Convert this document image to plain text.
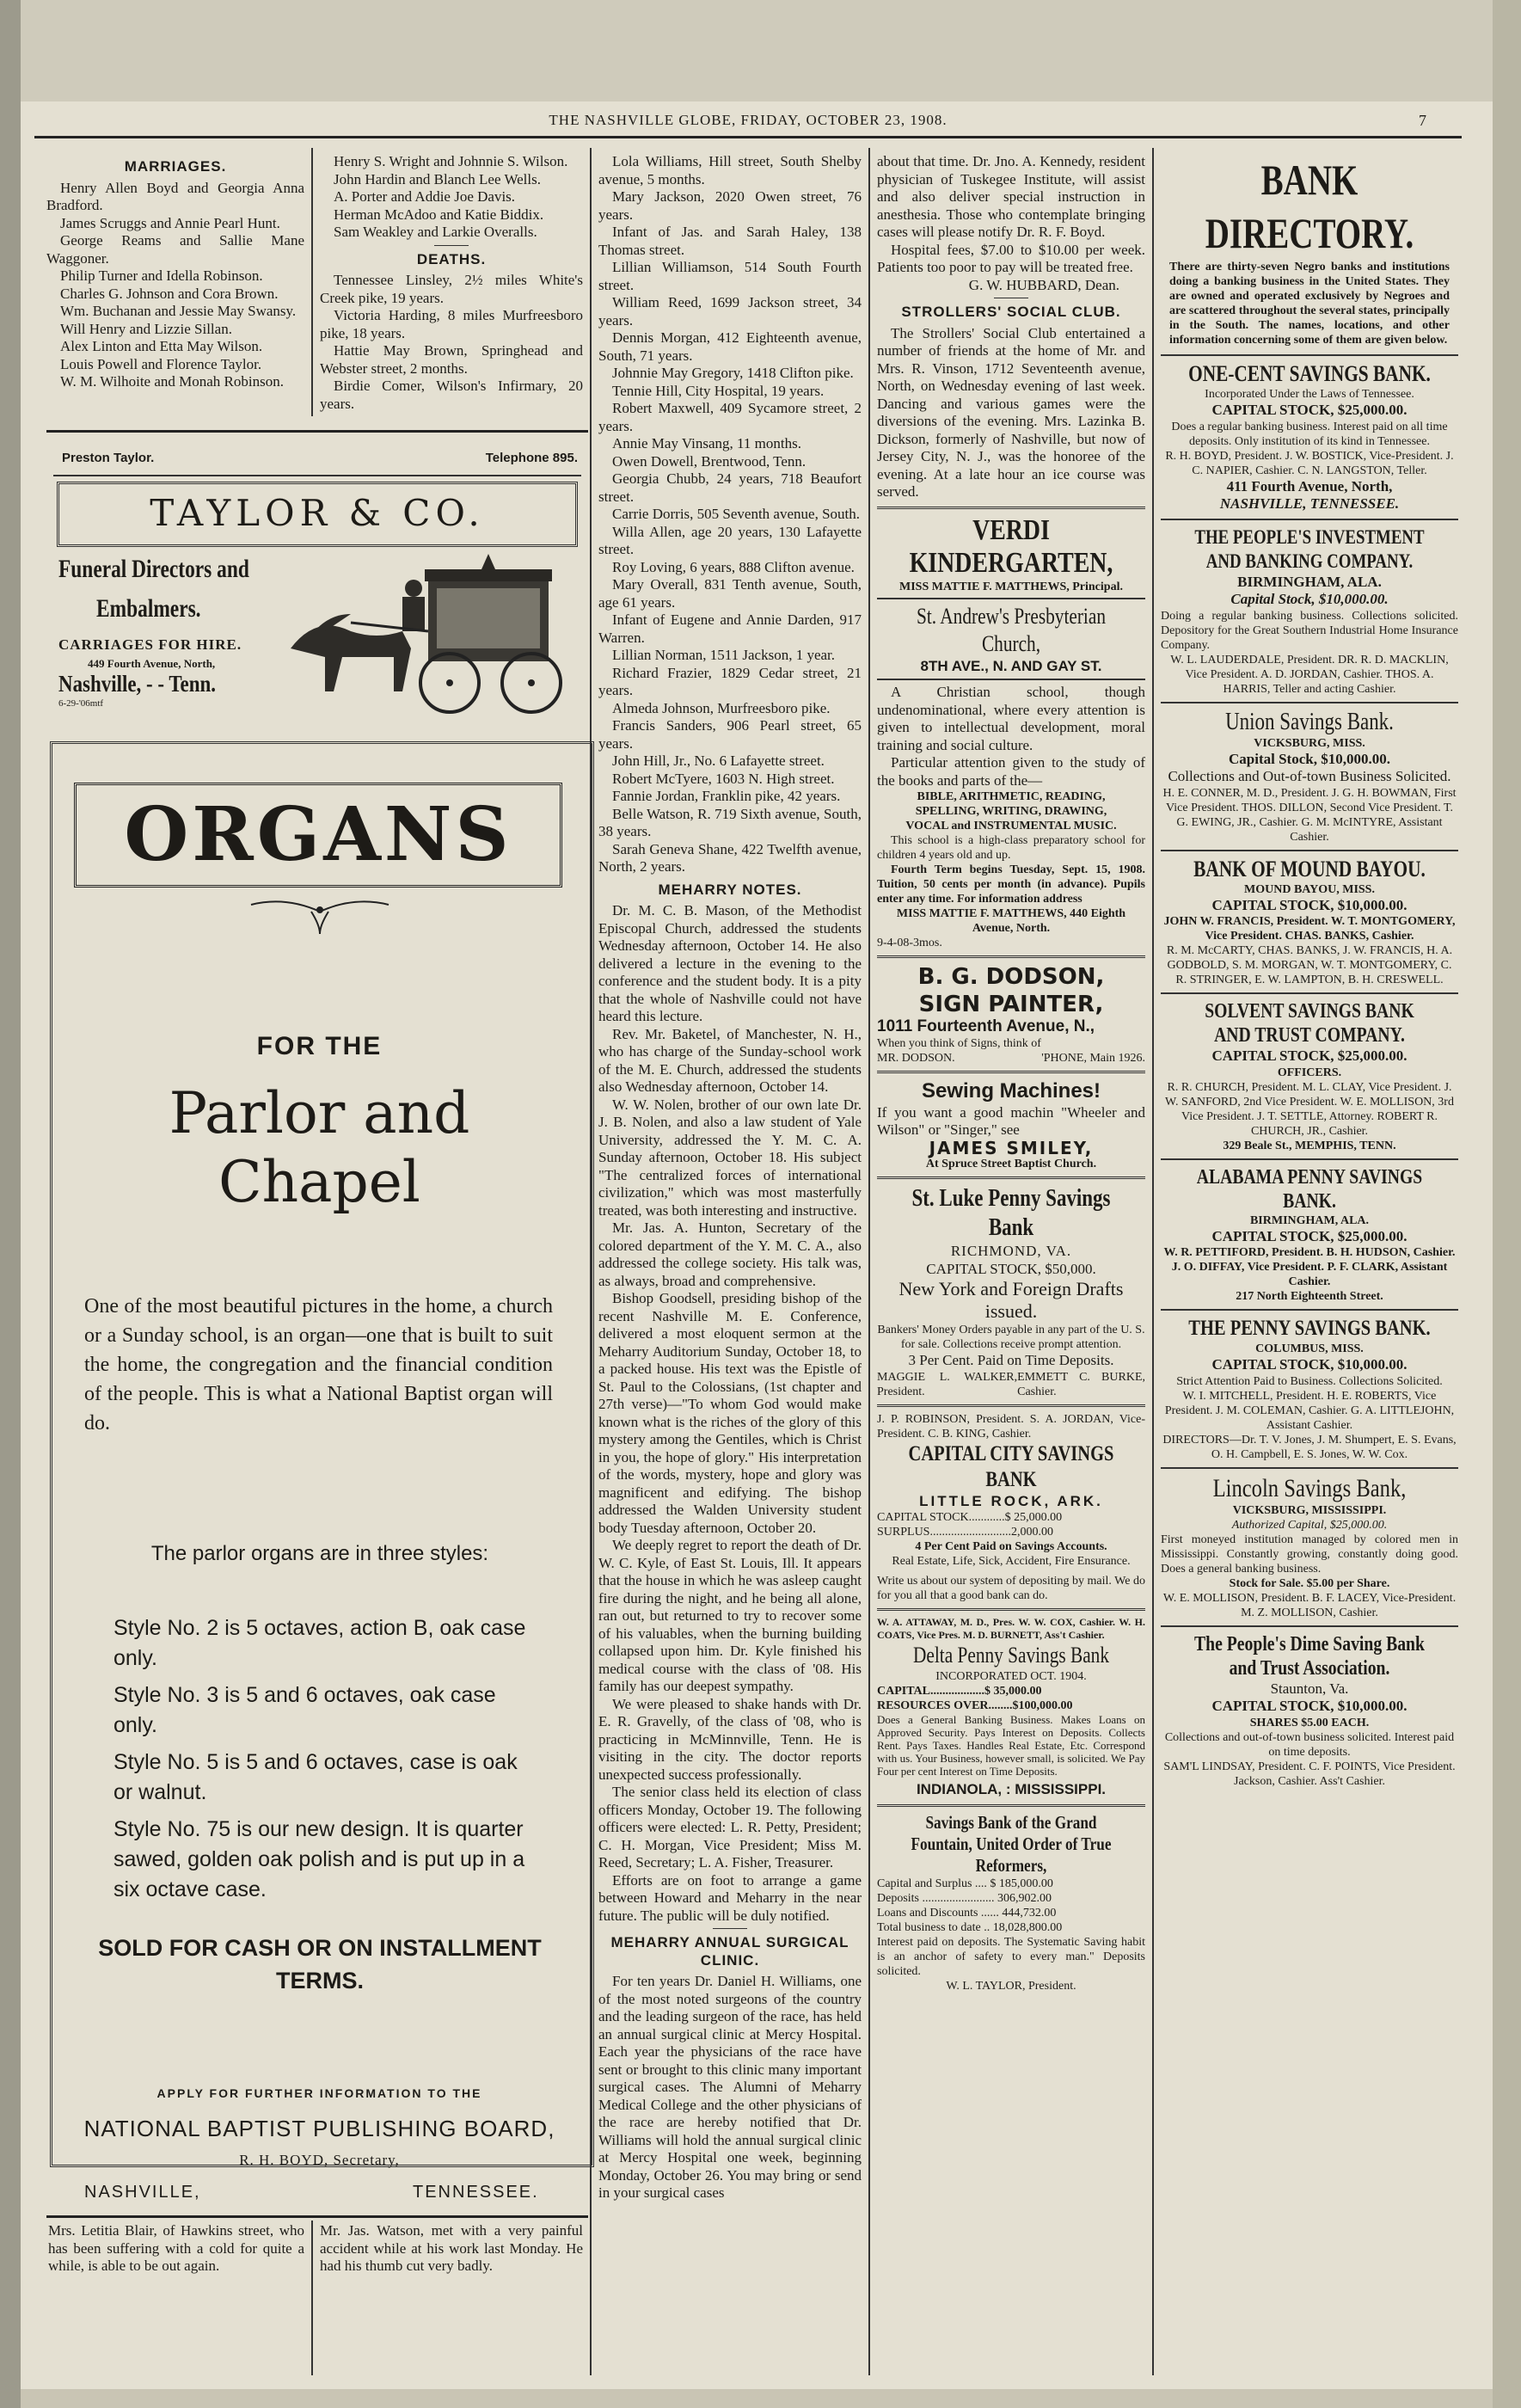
THE NASHVILLE GLOBE, FRIDAY, OCTOBER 23, 1908.	7
MARRIAGES.

Henry Allen Boyd and Georgia Anna Bradford.

James Scruggs and Annie Pearl Hunt.

George Reams and Sallie Mane Waggoner.

Philip Turner and Idella Robinson.

Charles G. Johnson and Cora Brown.

Wm. Buchanan and Jessie May Swansy.

Will Henry and Lizzie Sillan.

Alex Linton and Etta May Wilson.

Louis Powell and Florence Taylor.

W. M. Wilhoite and Monah Robinson.

Henry S. Wright and Johnnie S. Wilson.

John Hardin and Blanch Lee Wells.

A. Porter and Addie Joe Davis.

Herman McAdoo and Katie Biddix.

Sam Weakley and Larkie Overalls.

DEATHS.

Tennessee Linsley, 2½ miles White's Creek pike, 19 years.

Victoria Harding, 8 miles Murfreesboro pike, 18 years.

Hattie May Brown, Springhead and Webster street, 2 months.

Birdie Comer, Wilson's Infirmary, 20 years.

Preston Taylor.	Telephone 895.
TAYLOR & CO.
Funeral Directors and
Embalmers.
CARRIAGES FOR HIRE.
449 Fourth Avenue, North,
Nashville, - - Tenn.
6-29-'06mtf
ORGANS
FOR THE
Parlor and
Chapel
One of the most beautiful pictures in the home, a church or a Sunday school, is an organ—one that is built to suit the home, the congregation and the financial condition of the people. This is what a National Baptist organ will do.
The parlor organs are in three styles:
Style No. 2 is 5 octaves, action B, oak case only.
Style No. 3 is 5 and 6 octaves, oak case only.
Style No. 5 is 5 and 6 octaves, case is oak or walnut.
Style No. 75 is our new design. It is quarter sawed, golden oak polish and is put up in a six octave case.
SOLD FOR CASH OR ON INSTALLMENT TERMS.
APPLY FOR FURTHER INFORMATION TO THE
NATIONAL BAPTIST PUBLISHING BOARD,
R. H. BOYD, Secretary,
NASHVILLE,	TENNESSEE.

Mrs. Letitia Blair, of Hawkins street, who has been suffering with a cold for quite a while, is able to be out again.

Mr. Jas. Watson, met with a very painful accident while at his work last Monday. He had his thumb cut very badly.

Lola Williams, Hill street, South Shelby avenue, 5 months.

Mary Jackson, 2020 Owen street, 76 years.

Infant of Jas. and Sarah Haley, 138 Thomas street.

Lillian Williamson, 514 South Fourth street.

William Reed, 1699 Jackson street, 34 years.

Dennis Morgan, 412 Eighteenth avenue, South, 71 years.

Johnnie May Gregory, 1418 Clifton pike.

Tennie Hill, City Hospital, 19 years.

Robert Maxwell, 409 Sycamore street, 2 years.

Annie May Vinsang, 11 months.

Owen Dowell, Brentwood, Tenn.

Georgia Chubb, 24 years, 718 Beaufort street.

Carrie Dorris, 505 Seventh avenue, South.

Willa Allen, age 20 years, 130 Lafayette street.

Roy Loving, 6 years, 888 Clifton avenue.

Mary Overall, 831 Tenth avenue, South, age 61 years.

Infant of Eugene and Annie Darden, 917 Warren.

Lillian Norman, 1511 Jackson, 1 year.

Richard Frazier, 1829 Cedar street, 21 years.

Almeda Johnson, Murfreesboro pike.

Francis Sanders, 906 Pearl street, 65 years.

John Hill, Jr., No. 6 Lafayette street.

Robert McTyere, 1603 N. High street.

Fannie Jordan, Franklin pike, 42 years.

Belle Watson, R. 719 Sixth avenue, South, 38 years.

Sarah Geneva Shane, 422 Twelfth avenue, North, 2 years.

MEHARRY NOTES.

Dr. M. C. B. Mason, of the Methodist Episcopal Church, addressed the students Wednesday afternoon, October 14. He also delivered a lecture in the evening to the conference and the student body. It is a pity that the whole of Nashville could not have heard this lecture.

Rev. Mr. Baketel, of Manchester, N. H., who has charge of the Sunday-school work of the M. E. Church, addressed the students also Wednesday afternoon, October 14.

W. W. Nolen, brother of our own late Dr. J. B. Nolen, and also a law student of Yale University, addressed the Y. M. C. A. Sunday afternoon, October 18. His subject "The centralized forces of international civilization," which was most masterfully treated, was both interesting and instructive.

Mr. Jas. A. Hunton, Secretary of the colored department of the Y. M. C. A., also addressed the college society. His talk was, as always, broad and comprehensive.

Bishop Goodsell, presiding bishop of the recent Nashville M. E. Conference, delivered a most eloquent sermon at the Meharry Auditorium Sunday, October 18, to a packed house. His text was the Epistle of St. Paul to the Colossians, (1st chapter and 27th verse)—"To whom God would make known what is the riches of the glory of this mystery among the Gentiles, which is Christ in you, the hope of glory." His interpretation of the words, mystery, hope and glory was magnificent and edifying. The bishop addressed the Walden University student body Tuesday afternoon, October 20.

We deeply regret to report the death of Dr. W. C. Kyle, of East St. Louis, Ill. It appears that the house in which he was asleep caught fire during the night, and he being all alone, ran out, but returned to try to recover some of his valuables, when the burning building collapsed upon him. Dr. Kyle finished his medical course with the class of '08. His family has our deepest sympathy.

We were pleased to shake hands with Dr. E. R. Gravelly, of the class of '08, who is practicing in McMinnville, Tenn. He is visiting in the city. The doctor reports unexpected success professionally.

The senior class held its election of class officers Monday, October 19. The following officers were elected: L. R. Petty, President; C. H. Morgan, Vice President; Miss M. Reed, Secretary; L. A. Fisher, Treasurer.

Efforts are on foot to arrange a game between Howard and Meharry in the near future. The public will be duly notified.

MEHARRY ANNUAL SURGICAL CLINIC.

For ten years Dr. Daniel H. Williams, one of the most noted surgeons of the country and the leading surgeon of the race, has held an annual surgical clinic at Mercy Hospital. Each year the physicians of the race have sent or brought to this clinic many important surgical cases. The Alumni of Meharry Medical College and the other physicians of the race are hereby notified that Dr. Williams will hold the annual surgical clinic at Mercy Hospital one week, beginning Monday, October 26. You may bring or send in your surgical cases

about that time. Dr. Jno. A. Kennedy, resident physician of Tuskegee Institute, will assist and also deliver special instruction in anesthesia. Those who contemplate bringing cases will please notify Dr. R. F. Boyd.

Hospital fees, $7.00 to $10.00 per week. Patients too poor to pay will be treated free.

G. W. HUBBARD, Dean.
STROLLERS' SOCIAL CLUB.

The Strollers' Social Club entertained a number of friends at the home of Mr. and Mrs. R. Vinson, 1712 Seventeenth avenue, North, on Wednesday evening of last week. Dancing and various games were the diversions of the evening. Mrs. Lazinka B. Dickson, formerly of Nashville, but now of Jersey City, N. J., was the honoree of the evening. At a late hour an ice course was served.

VERDI KINDERGARTEN,
MISS MATTIE F. MATTHEWS, Principal.
St. Andrew's Presbyterian Church,
8TH AVE., N. AND GAY ST.

A Christian school, though undenominational, where every attention is given to intellectual development, moral training and social culture.

Particular attention given to the study of the books and parts of the—

BIBLE, ARITHMETIC, READING, SPELLING, WRITING, DRAWING, VOCAL and INSTRUMENTAL MUSIC.

This school is a high-class preparatory school for children 4 years old and up.

Fourth Term begins Tuesday, Sept. 15, 1908. Tuition, 50 cents per month (in advance). Pupils enter any time. For information address

MISS MATTIE F. MATTHEWS, 440 Eighth Avenue, North.
9-4-08-3mos.
B. G. DODSON,
SIGN PAINTER,
1011 Fourteenth Avenue, N.,
When you think of Signs, think of
MR. DODSON.	'PHONE, Main 1926.
Sewing Machines!

If you want a good machin "Wheeler and Wilson" or "Singer," see

JAMES SMILEY,
At Spruce Street Baptist Church.
St. Luke Penny Savings Bank
RICHMOND, VA.
CAPITAL STOCK, $50,000.
New York and Foreign Drafts issued.
Bankers' Money Orders payable in any part of the U. S. for sale. Collections receive prompt attention.
3 Per Cent. Paid on Time Deposits.
MAGGIE L. WALKER, President.
EMMETT C. BURKE, Cashier.
J. P. ROBINSON, President. S. A. JORDAN, Vice-President. C. B. KING, Cashier.
CAPITAL CITY SAVINGS BANK
LITTLE ROCK, ARK.
CAPITAL STOCK............$ 25,000.00
SURPLUS...........................2,000.00
4 Per Cent Paid on Savings Accounts.
Real Estate, Life, Sick, Accident, Fire Ensurance.
Write us about our system of depositing by mail. We do for you all that a good bank can do.
W. A. ATTAWAY, M. D., Pres. W. W. COX, Cashier. W. H. COATS, Vice Pres. M. D. BURNETT, Ass't Cashier.
Delta Penny Savings Bank
INCORPORATED OCT. 1904.
CAPITAL..................$ 35,000.00
RESOURCES OVER........$100,000.00
Does a General Banking Business. Makes Loans on Approved Security. Pays Interest on Deposits. Collects Rent. Pays Taxes. Handles Real Estate, Etc. Correspond with us. Your Business, however small, is solicited. We Pay Four per cent Interest on Time Deposits.
INDIANOLA, : MISSISSIPPI.
Savings Bank of the Grand Fountain, United Order of True Reformers,
Capital and Surplus .... $ 185,000.00
Deposits ........................ 306,902.00
Loans and Discounts ...... 444,732.00
Total business to date .. 18,028,800.00
Interest paid on deposits. The Systematic Saving habit is an anchor of safety to every man." Deposits solicited.
W. L. TAYLOR, President.
BANK DIRECTORY.
There are thirty-seven Negro banks and institutions doing a banking business in the United States. They are owned and operated exclusively by Negroes and are scattered throughout the several states, principally in the South. The names, locations, and other information concerning some of them are given below.
ONE-CENT SAVINGS BANK.
Incorporated Under the Laws of Tennessee.
CAPITAL STOCK, $25,000.00.
Does a regular banking business. Interest paid on all time deposits. Only institution of its kind in Tennessee.
R. H. BOYD, President. J. W. BOSTICK, Vice-President. J. C. NAPIER, Cashier. C. N. LANGSTON, Teller.
411 Fourth Avenue, North,
NASHVILLE, TENNESSEE.
THE PEOPLE'S INVESTMENT AND BANKING COMPANY.
BIRMINGHAM, ALA.
Capital Stock, $10,000.00.
Doing a regular banking business. Collections solicited. Depository for the Great Southern Industrial Home Insurance Company.
W. L. LAUDERDALE, President. DR. R. D. MACKLIN, Vice President. A. D. JORDAN, Cashier. THOS. A. HARRIS, Teller and acting Cashier.
Union Savings Bank.
VICKSBURG, MISS.
Capital Stock, $10,000.00.
Collections and Out-of-town Business Solicited.
H. E. CONNER, M. D., President. J. G. H. BOWMAN, First Vice President. THOS. DILLON, Second Vice President. T. G. EWING, JR., Cashier. G. M. McINTYRE, Assistant Cashier.
BANK OF MOUND BAYOU.
MOUND BAYOU, MISS.
CAPITAL STOCK, $10,000.00.
JOHN W. FRANCIS, President. W. T. MONTGOMERY, Vice President. CHAS. BANKS, Cashier.
R. M. McCARTY, CHAS. BANKS, J. W. FRANCIS, H. A. GODBOLD, S. M. MORGAN, W. T. MONTGOMERY, C. R. STRINGER, E. W. LAMPTON, B. H. CRESWELL.
SOLVENT SAVINGS BANK AND TRUST COMPANY.
CAPITAL STOCK, $25,000.00.
OFFICERS.
R. R. CHURCH, President. M. L. CLAY, Vice President. J. W. SANFORD, 2nd Vice President. W. E. MOLLISON, 3rd Vice President. J. T. SETTLE, Attorney. ROBERT R. CHURCH, JR., Cashier.
329 Beale St., MEMPHIS, TENN.
ALABAMA PENNY SAVINGS BANK.
BIRMINGHAM, ALA.
CAPITAL STOCK, $25,000.00.
W. R. PETTIFORD, President. B. H. HUDSON, Cashier. J. O. DIFFAY, Vice President. P. F. CLARK, Assistant Cashier.
217 North Eighteenth Street.
THE PENNY SAVINGS BANK.
COLUMBUS, MISS.
CAPITAL STOCK, $10,000.00.
Strict Attention Paid to Business. Collections Solicited.
W. I. MITCHELL, President. H. E. ROBERTS, Vice President. J. M. COLEMAN, Cashier. G. A. LITTLEJOHN, Assistant Cashier.
DIRECTORS—Dr. T. V. Jones, J. M. Shumpert, E. S. Evans, O. H. Campbell, E. S. Jones, W. W. Cox.
Lincoln Savings Bank,
VICKSBURG, MISSISSIPPI.
Authorized Capital, $25,000.00.
First moneyed institution managed by colored men in Mississippi. Constantly growing, constantly doing good. Does a general banking business.
Stock for Sale. $5.00 per Share.
W. E. MOLLISON, President. B. F. LACEY, Vice-President. M. Z. MOLLISON, Cashier.
The People's Dime Saving Bank and Trust Association.
Staunton, Va.
CAPITAL STOCK, $10,000.00.
SHARES $5.00 EACH.
Collections and out-of-town business solicited. Interest paid on time deposits.
SAM'L LINDSAY, President. C. F. POINTS, Vice President. Jackson, Cashier. Ass't Cashier.
